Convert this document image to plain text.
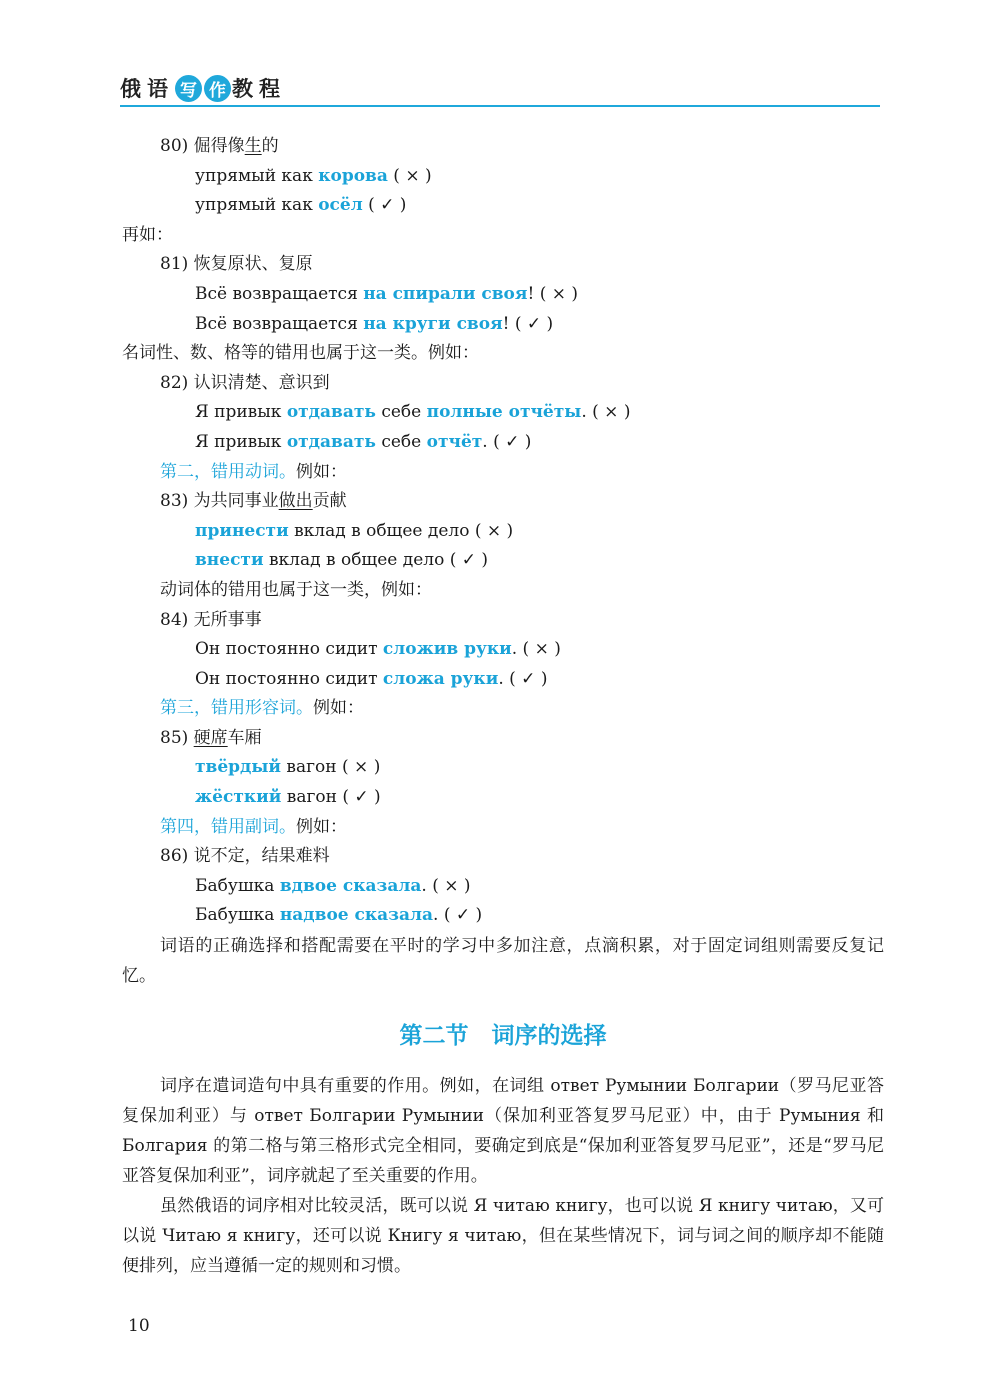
俄语 写 作 教程
80) 倔得像生的
упрямый как корова ( × )
упрямый как осёл ( ✓ )
再如：
81) 恢复原状、复原
Всё возвращается на спирали своя! ( × )
Всё возвращается на круги своя! ( ✓ )
名词性、数、格等的错用也属于这一类。例如：
82) 认识清楚、意识到
Я привык отдавать себе полные отчёты. ( × )
Я привык отдавать себе отчёт. ( ✓ )
第二，错用动词。例如：
83) 为共同事业做出贡献
принести вклад в общее дело ( × )
внести вклад в общее дело ( ✓ )
动词体的错用也属于这一类，例如：
84) 无所事事
Он постоянно сидит сложив руки. ( × )
Он постоянно сидит сложа руки. ( ✓ )
第三，错用形容词。例如：
85) 硬席车厢
твёрдый вагон ( × )
жёсткий вагон ( ✓ )
第四，错用副词。例如：
86) 说不定，结果难料
Бабушка вдвое сказала. ( × )
Бабушка надвое сказала. ( ✓ )

词语的正确选择和搭配需要在平时的学习中多加注意，点滴积累，对于固定词组则需要反复记忆。

第二节　词序的选择

词序在遣词造句中具有重要的作用。例如，在词组 ответ Румынии Болгарии（罗马尼亚答复保加利亚）与 ответ Болгарии Румынии（保加利亚答复罗马尼亚）中，由于 Румыния 和 Болгария 的第二格与第三格形式完全相同，要确定到底是“保加利亚答复罗马尼亚”，还是“罗马尼亚答复保加利亚”，词序就起了至关重要的作用。

虽然俄语的词序相对比较灵活，既可以说 Я читаю книгу，也可以说 Я книгу читаю，又可以说 Читаю я книгу，还可以说 Книгу я читаю，但在某些情况下，词与词之间的顺序却不能随便排列，应当遵循一定的规则和习惯。

10
